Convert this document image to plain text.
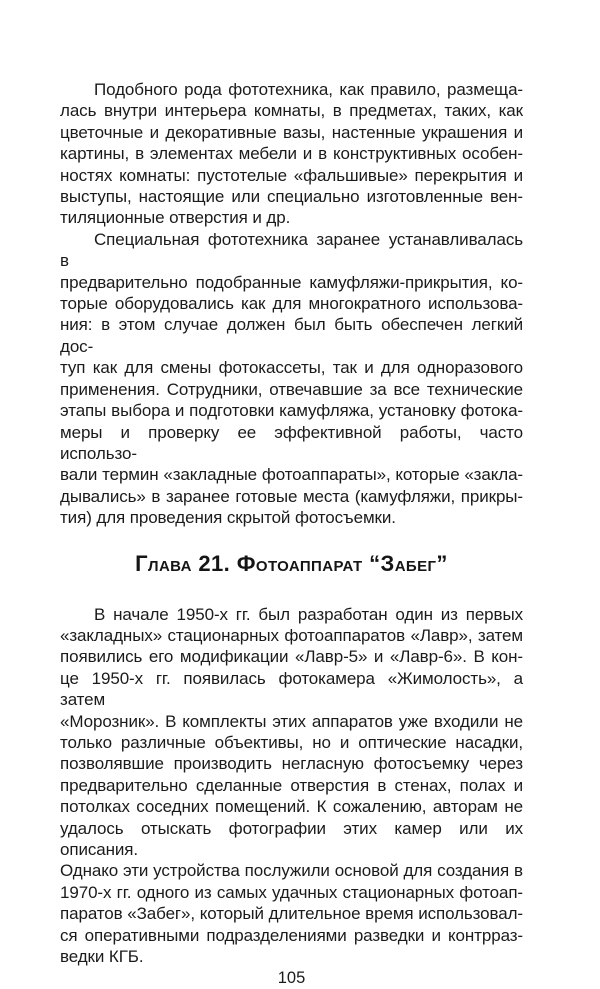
Подобного рода фототехника, как правило, размеща-
лась внутри интерьера комнаты, в предметах, таких, как
цветочные и декоративные вазы, настенные украшения и
картины, в элементах мебели и в конструктивных особен-
ностях комнаты: пустотелые «фальшивые» перекрытия и
выступы, настоящие или специально изготовленные вен-
тиляционные отверстия и др.
Специальная фототехника заранее устанавливалась в
предварительно подобранные камуфляжи-прикрытия, ко-
торые оборудовались как для многократного использова-
ния: в этом случае должен был быть обеспечен легкий дос-
туп как для смены фотокассеты, так и для одноразового
применения. Сотрудники, отвечавшие за все технические
этапы выбора и подготовки камуфляжа, установку фотока-
меры и проверку ее эффективной работы, часто использо-
вали термин «закладные фотоаппараты», которые «закла-
дывались» в заранее готовые места (камуфляжи, прикры-
тия) для проведения скрытой фотосъемки.
Глава 21. Фотоаппарат “Забег”
В начале 1950-х гг. был разработан один из первых
«закладных» стационарных фотоаппаратов «Лавр», затем
появились его модификации «Лавр-5» и «Лавр-6». В кон-
це 1950-х гг. появилась фотокамера «Жимолость», а затем
«Морозник». В комплекты этих аппаратов уже входили не
только различные объективы, но и оптические насадки,
позволявшие производить негласную фотосъемку через
предварительно сделанные отверстия в стенах, полах и
потолках соседних помещений. К сожалению, авторам не
удалось отыскать фотографии этих камер или их описания.
Однако эти устройства послужили основой для создания в
1970-х гг. одного из самых удачных стационарных фотоап-
паратов «Забег», который длительное время использовал-
ся оперативными подразделениями разведки и контрраз-
ведки КГБ.
105
